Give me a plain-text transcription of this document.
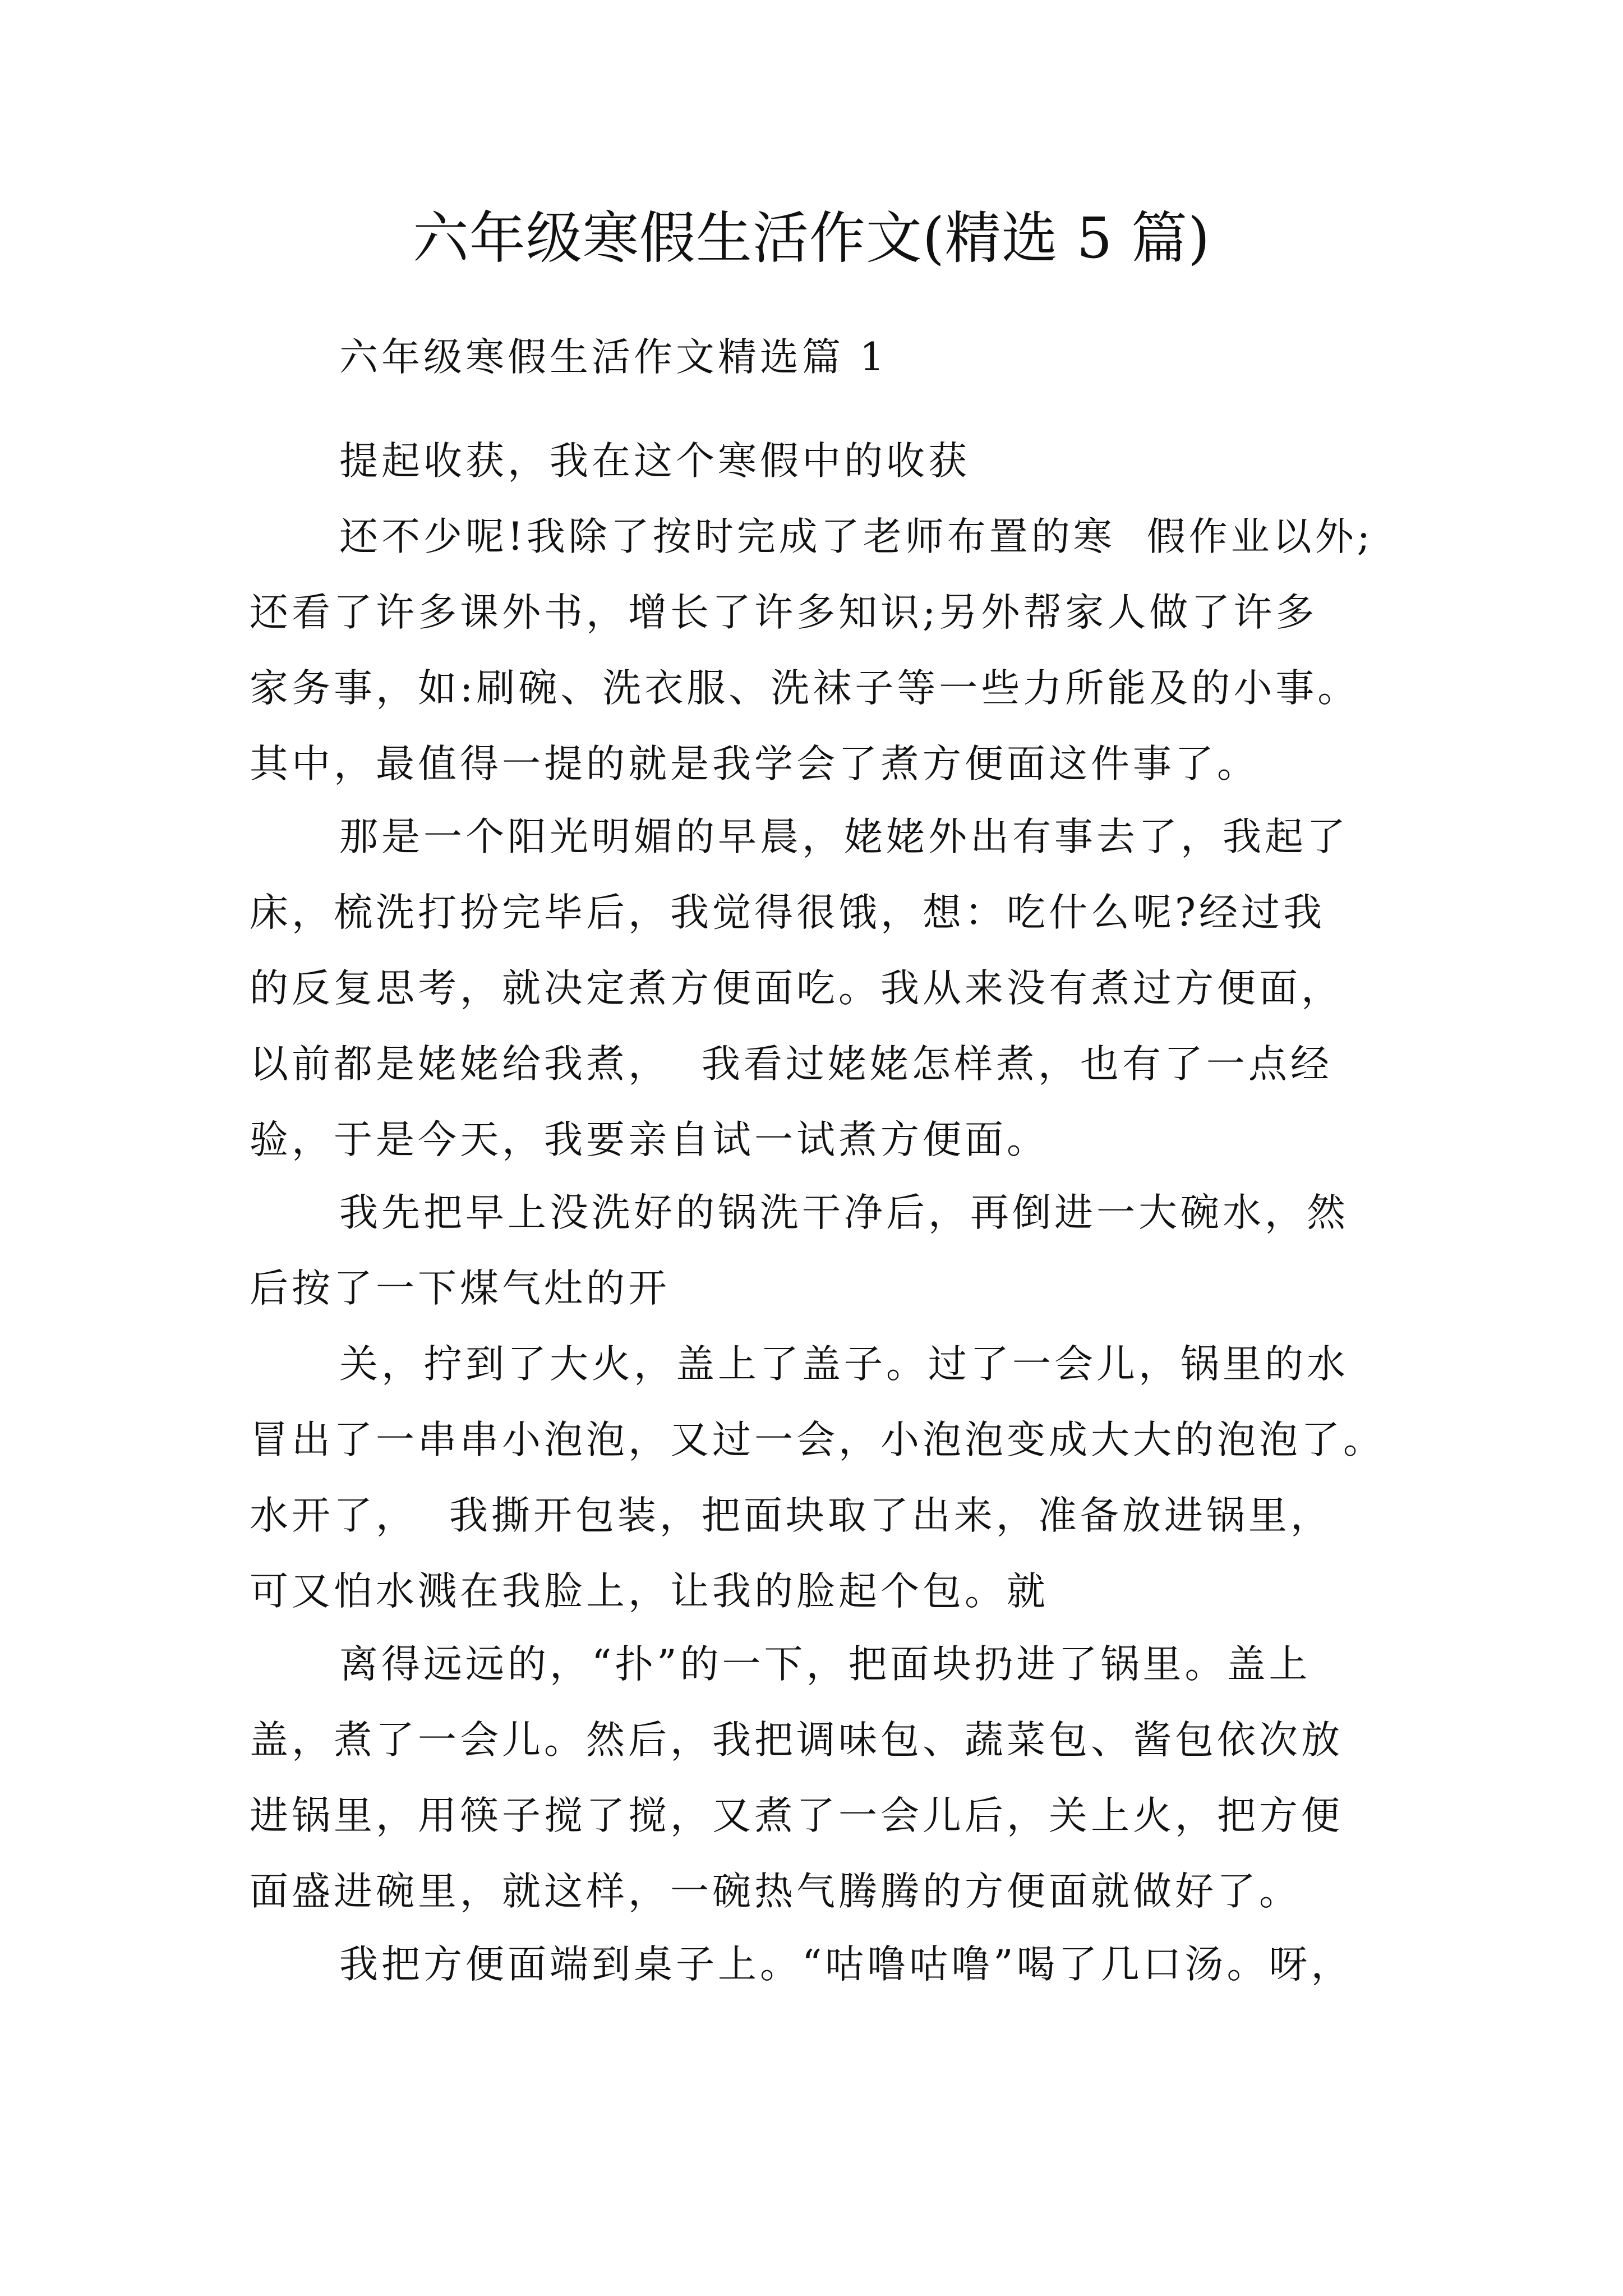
六年级寒假生活作文(精选 5 篇)
六年级寒假生活作文精选篇 1
提起收获，我在这个寒假中的收获
还不少呢!我除了按时完成了老师布置的寒  假作业以外;
还看了许多课外书，增长了许多知识;另外帮家人做了许多
家务事，如:刷碗、洗衣服、洗袜子等一些力所能及的小事。
其中，最值得一提的就是我学会了煮方便面这件事了。
那是一个阳光明媚的早晨，姥姥外出有事去了，我起了
床，梳洗打扮完毕后，我觉得很饿，想：吃什么呢?经过我
的反复思考，就决定煮方便面吃。我从来没有煮过方便面，
以前都是姥姥给我煮，  我看过姥姥怎样煮，也有了一点经
验，于是今天，我要亲自试一试煮方便面。
我先把早上没洗好的锅洗干净后，再倒进一大碗水，然
后按了一下煤气灶的开
关，拧到了大火，盖上了盖子。过了一会儿，锅里的水
冒出了一串串小泡泡，又过一会，小泡泡变成大大的泡泡了。
水开了，  我撕开包装，把面块取了出来，准备放进锅里，
可又怕水溅在我脸上，让我的脸起个包。就
离得远远的，“扑”的一下，把面块扔进了锅里。盖上
盖，煮了一会儿。然后，我把调味包、蔬菜包、酱包依次放
进锅里，用筷子搅了搅，又煮了一会儿后，关上火，把方便
面盛进碗里，就这样，一碗热气腾腾的方便面就做好了。
我把方便面端到桌子上。“咕噜咕噜”喝了几口汤。呀，
